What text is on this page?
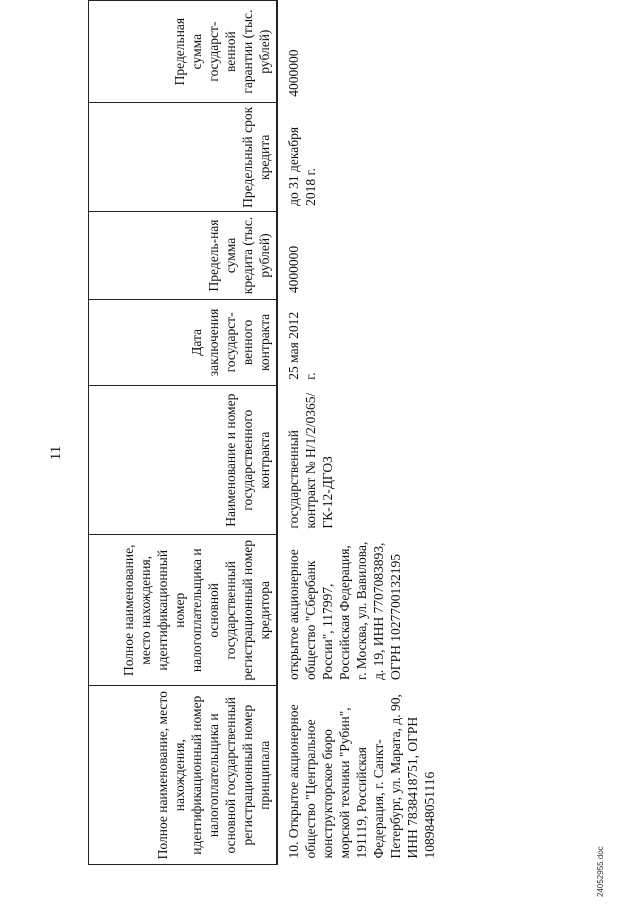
11
Полное наименование, место нахождения, идентификационный номер налогоплательщика и основной государственный регистрационный номер принципала	Полное наименование, место нахождения, идентификационный номер налогоплательщика и основной государственный регистрационный номер кредитора	Наименование и номер государственного контракта	Дата заключения государст-венного контракта	Предель-ная сумма кредита (тыс. рублей)	Предельный срок кредита	Предельная сумма государст-венной гарантии (тыс. рублей)
10. Открытое акционерное общество "Центральное конструкторское бюро морской техники "Рубин", 191119, Российская Федерация, г. Санкт-Петербург, ул. Марата, д. 90, ИНН 7838418751, ОГРН 1089848051116	открытое акционерное общество "Сбербанк России", 117997, Российская Федерация, г. Москва, ул. Вавилова, д. 19, ИНН 7707083893, ОГРН 1027700132195	государственный контракт № Н/1/2/0365/ГК-12-ДГОЗ	25 мая 2012 г.	4000000	до 31 декабря 2018 г.	4000000
24052955.doc
